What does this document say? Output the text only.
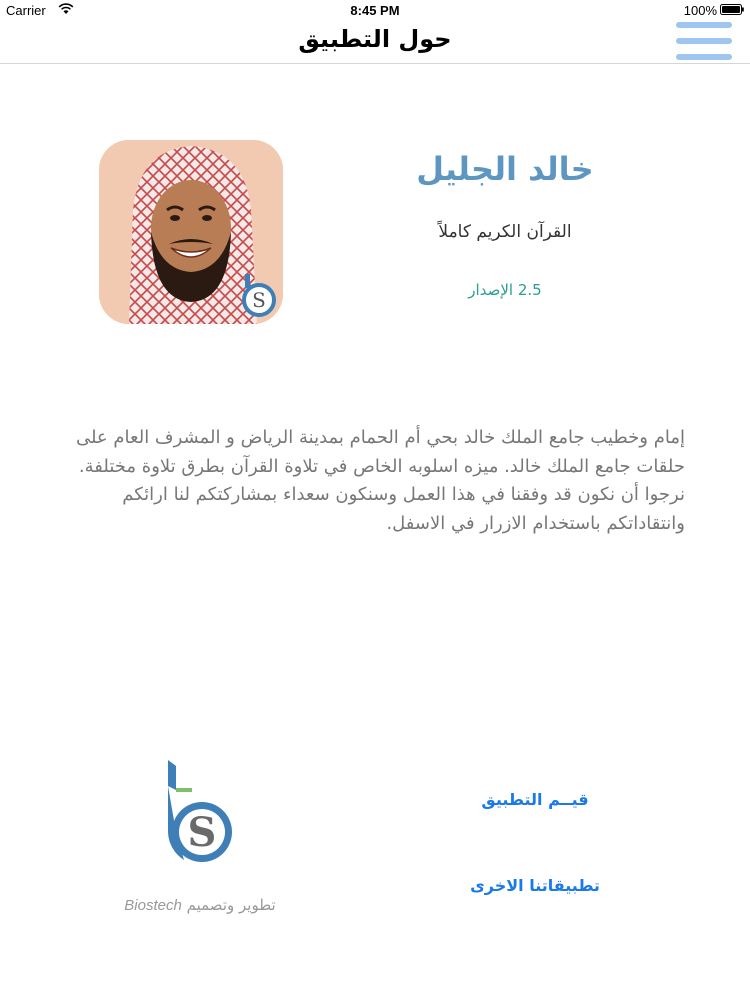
Carrier	8:45 PM	100%
حول التطبيق
S
خالد الجليل
القرآن الكريم كاملاً
2.5 الإصدار
إمام وخطيب جامع الملك خالد بحي أم الحمام بمدينة الرياض و المشرف العام على حلقات جامع الملك خالد. ميزه اسلوبه الخاص في تلاوة القرآن بطرق تلاوة مختلفة. نرجوا أن نكون قد وفقنا في هذا العمل وسنكون سعداء بمشاركتكم لنا ارائكم وانتقاداتكم باستخدام الازرار في الاسفل.
قيــم التطبيق
تطبيقاتنا الاخرى
S
تطوير وتصميم Biostech
